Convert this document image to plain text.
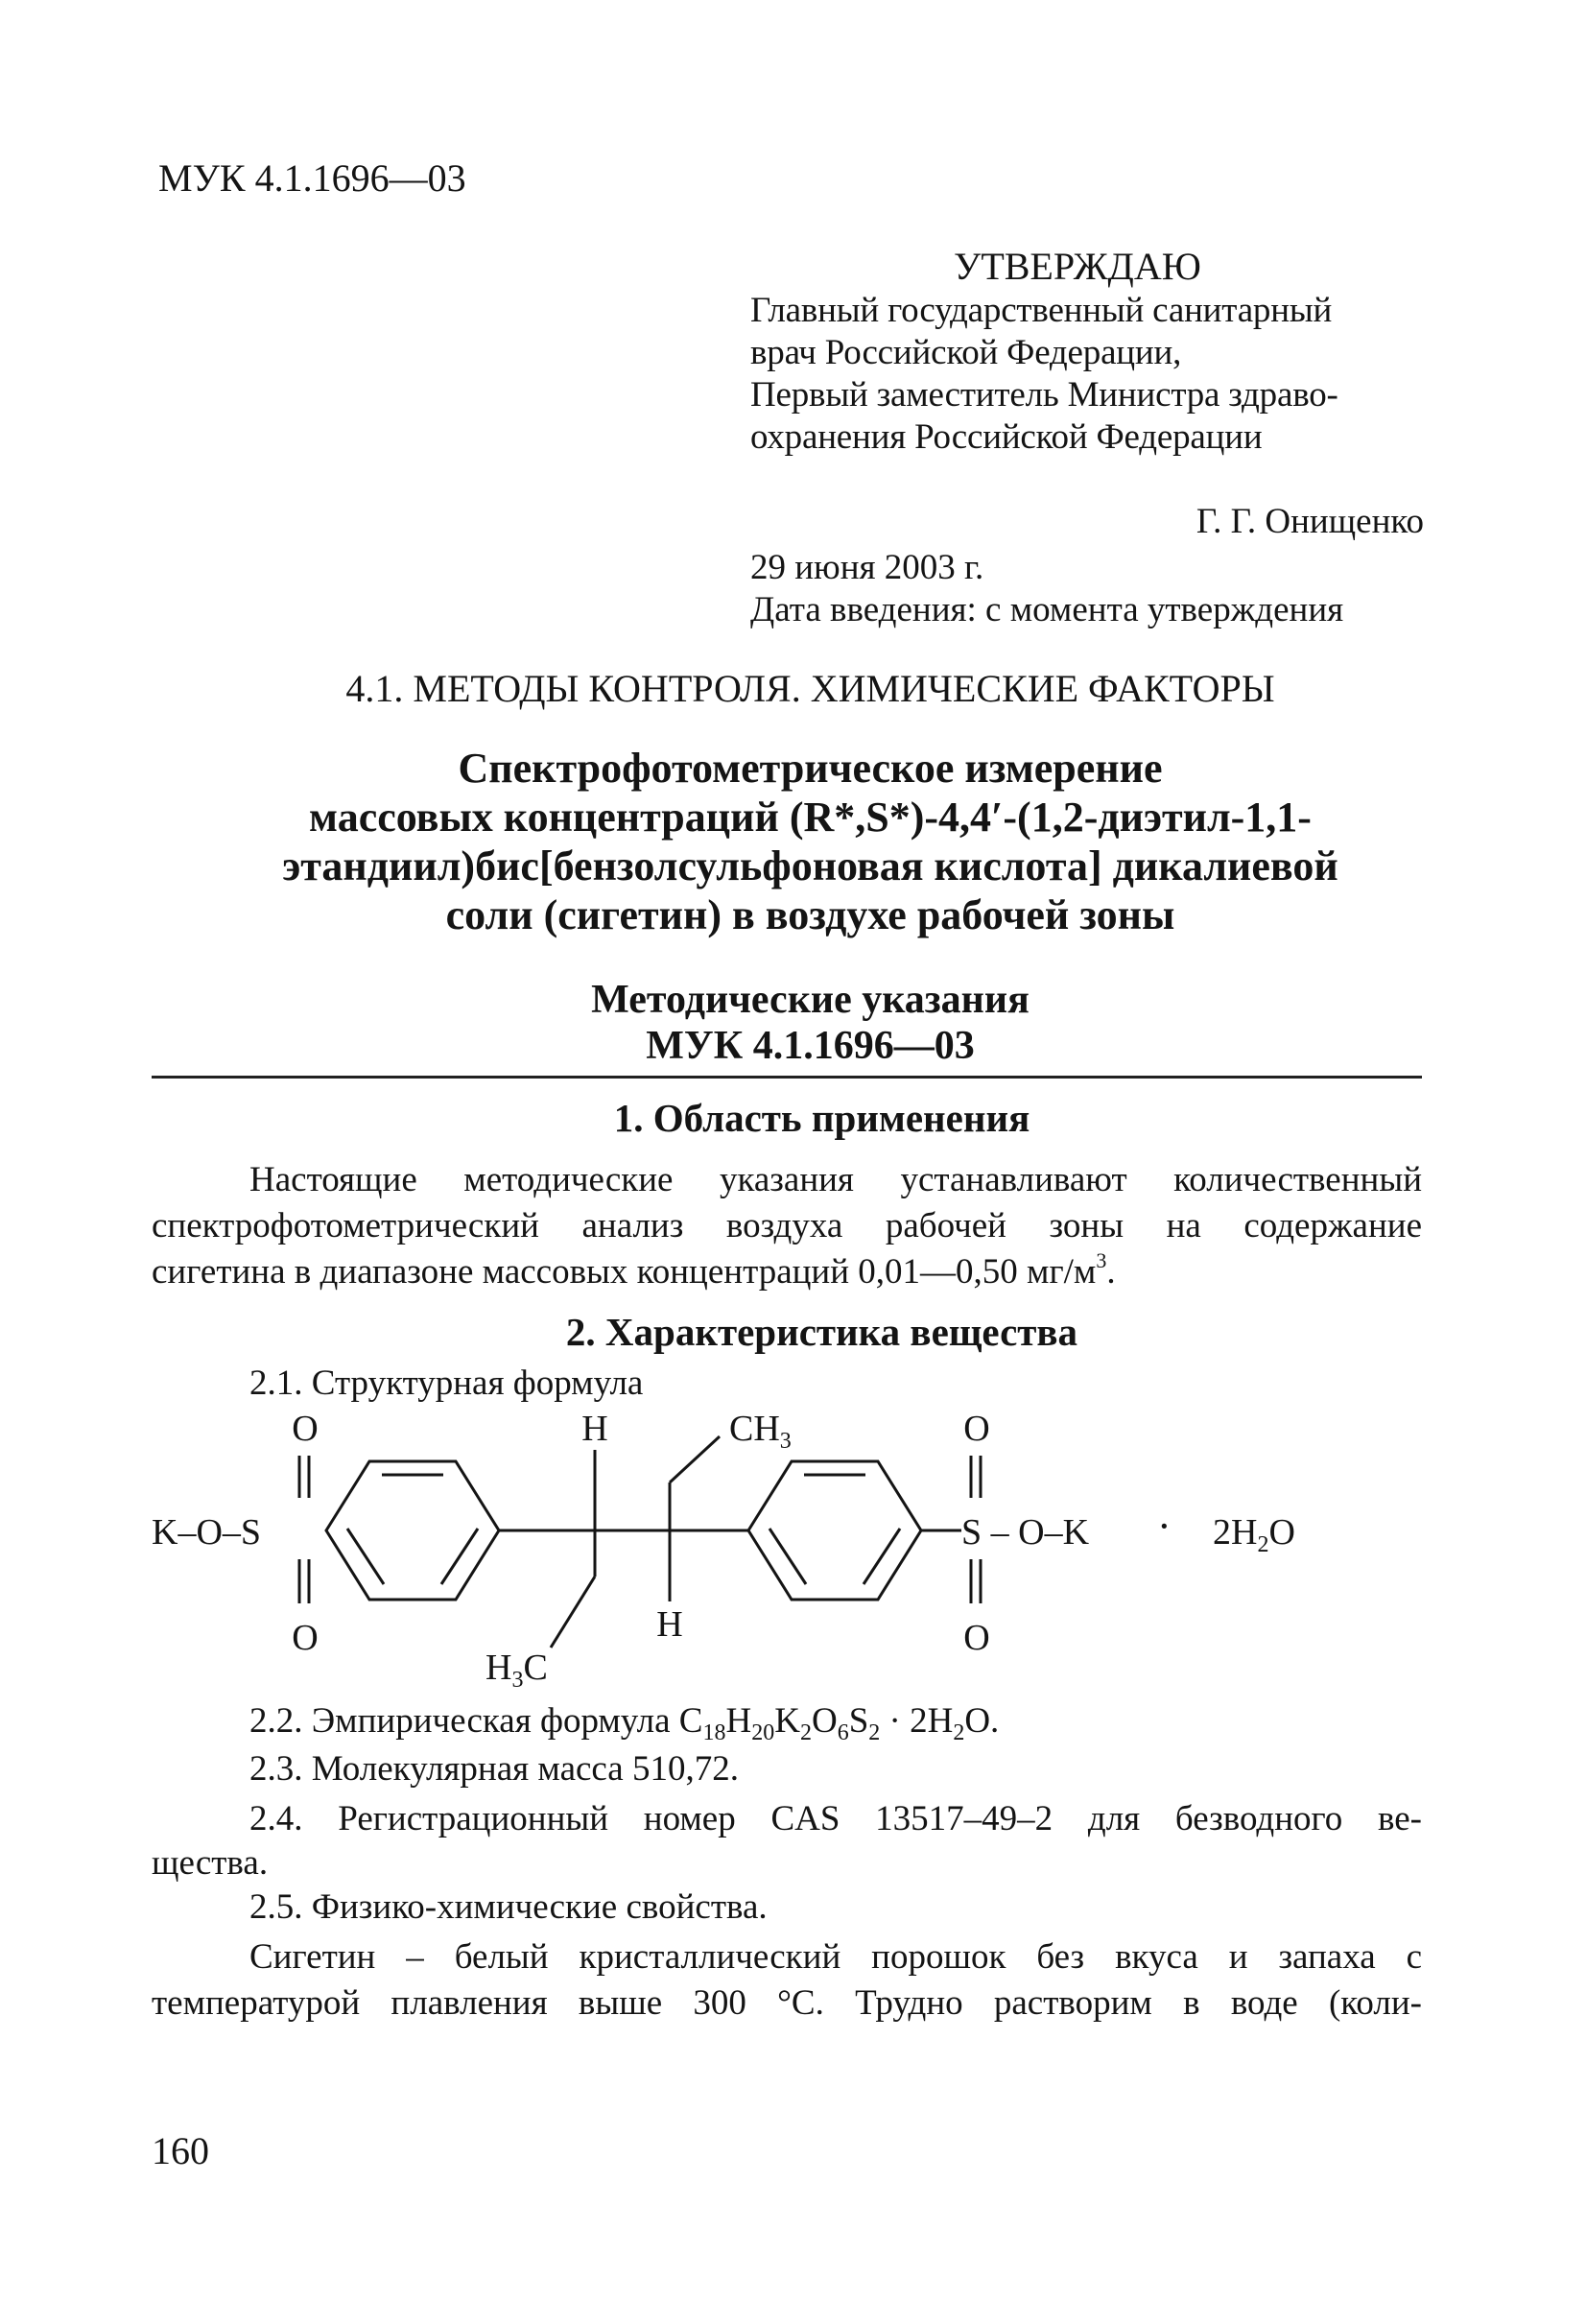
МУК 4.1.1696—03
УТВЕРЖДАЮ
Главный государственный санитарный
врач Российской Федерации,
Первый заместитель Министра здраво-
охранения Российской Федерации
Г. Г. Онищенко
29 июня 2003 г.
Дата введения: с момента утверждения
4.1. МЕТОДЫ КОНТРОЛЯ. ХИМИЧЕСКИЕ ФАКТОРЫ
Спектрофотометрическое измерение
массовых концентраций (R*,S*)-4,4′-(1,2-диэтил-1,1-
этандиил)бис[бензолсульфоновая кислота] дикалиевой
соли (сигетин) в воздухе рабочей зоны
Методические указания
МУК 4.1.1696—03
1. Область применения
Настоящие методические указания устанавливают количественный
спектрофотометрический анализ воздуха рабочей зоны на содержание
сигетина в диапазоне массовых концентраций 0,01—0,50 $мг/м^3$.
2. Характеристика вещества
2.1. Структурная формула
O
K–O–S
O
H	$CH_3$
H
$H_3C$
O
S – O–K
O
· $2H_2O$
2.2. Эмпирическая формула $C_{18}H_{20}K_2O_6S_2 \cdot 2H_2O$.
2.3. Молекулярная масса 510,72.
2.4. Регистрационный номер CAS 13517–49–2 для безводного ве-
щества.
2.5. Физико-химические свойства.
Сигетин – белый кристаллический порошок без вкуса и запаха с
температурой плавления выше 300 °C. Трудно растворим в воде (коли-
160
